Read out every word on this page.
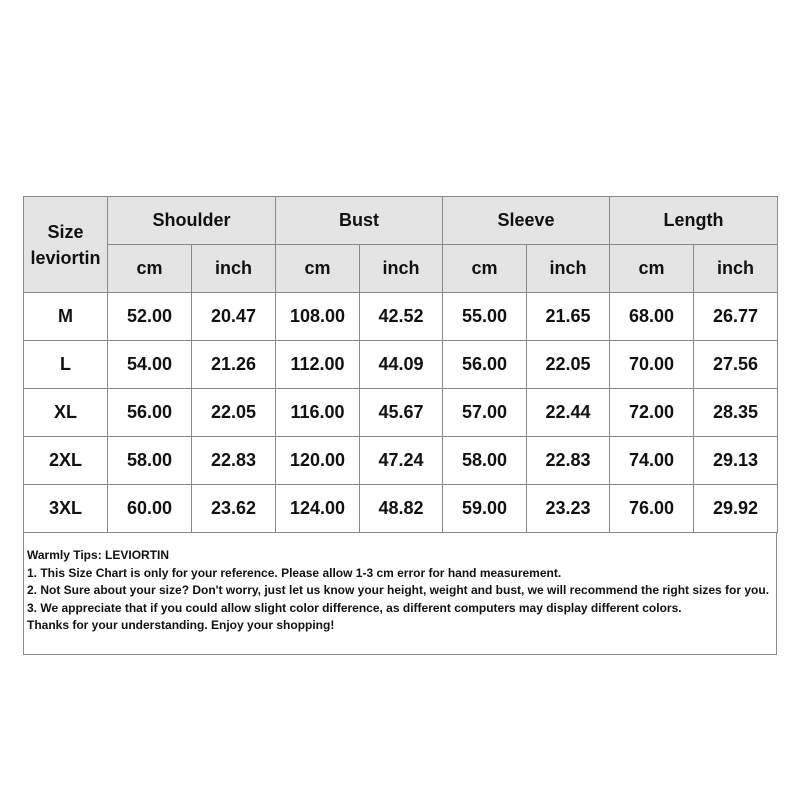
Size
leviortin	Shoulder		Bust		Sleeve		Length	
	cm	inch	cm	inch	cm	inch	cm	inch
M	52.00	20.47	108.00	42.52	55.00	21.65	68.00	26.77
L	54.00	21.26	112.00	44.09	56.00	22.05	70.00	27.56
XL	56.00	22.05	116.00	45.67	57.00	22.44	72.00	28.35
2XL	58.00	22.83	120.00	47.24	58.00	22.83	74.00	29.13
3XL	60.00	23.62	124.00	48.82	59.00	23.23	76.00	29.92
Warmly Tips: LEVIORTIN
1. This Size Chart is only for your reference. Please allow 1-3 cm error for hand measurement.
2. Not Sure about your size? Don't worry, just let us know your height, weight and bust, we will recommend the right sizes for you.
3. We appreciate that if you could allow slight color difference, as different computers may display different colors.
Thanks for your understanding. Enjoy your shopping!
